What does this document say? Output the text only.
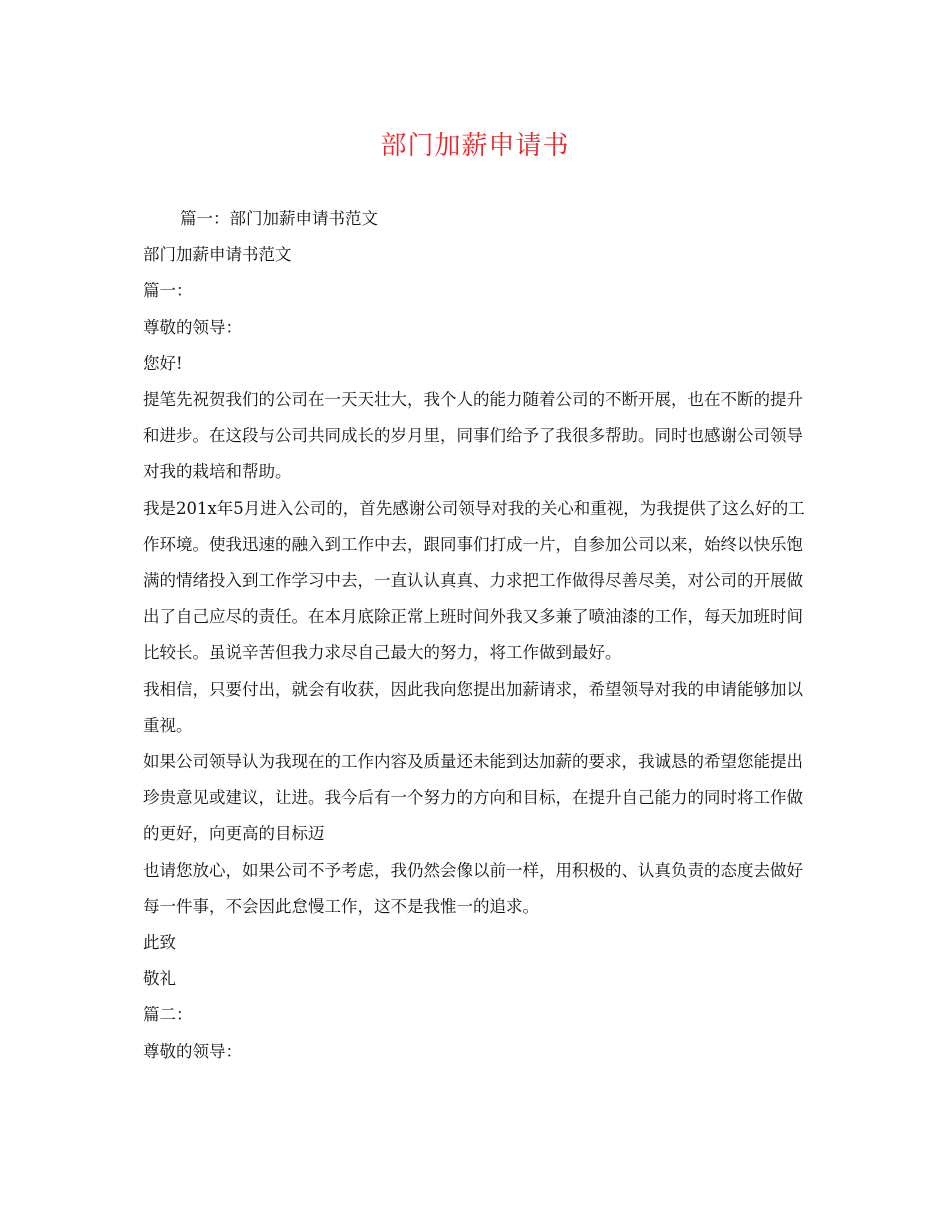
部门加薪申请书

篇一：部门加薪申请书范文

部门加薪申请书范文

篇一：

尊敬的领导：

您好!

提笔先祝贺我们的公司在一天天壮大，我个人的能力随着公司的不断开展，也在不断的提升和进步。在这段与公司共同成长的岁月里，同事们给予了我很多帮助。同时也感谢公司领导对我的栽培和帮助。

我是201x年5月进入公司的，首先感谢公司领导对我的关心和重视，为我提供了这么好的工作环境。使我迅速的融入到工作中去，跟同事们打成一片，自参加公司以来，始终以快乐饱满的情绪投入到工作学习中去，一直认认真真、力求把工作做得尽善尽美，对公司的开展做出了自己应尽的责任。在本月底除正常上班时间外我又多兼了喷油漆的工作，每天加班时间比较长。虽说辛苦但我力求尽自己最大的努力，将工作做到最好。

我相信，只要付出，就会有收获，因此我向您提出加薪请求，希望领导对我的申请能够加以重视。

如果公司领导认为我现在的工作内容及质量还未能到达加薪的要求，我诚恳的希望您能提出珍贵意见或建议，让进。我今后有一个努力的方向和目标，在提升自己能力的同时将工作做的更好，向更高的目标迈

也请您放心，如果公司不予考虑，我仍然会像以前一样，用积极的、认真负责的态度去做好每一件事，不会因此怠慢工作，这不是我惟一的追求。

此致

敬礼

篇二：

尊敬的领导：
